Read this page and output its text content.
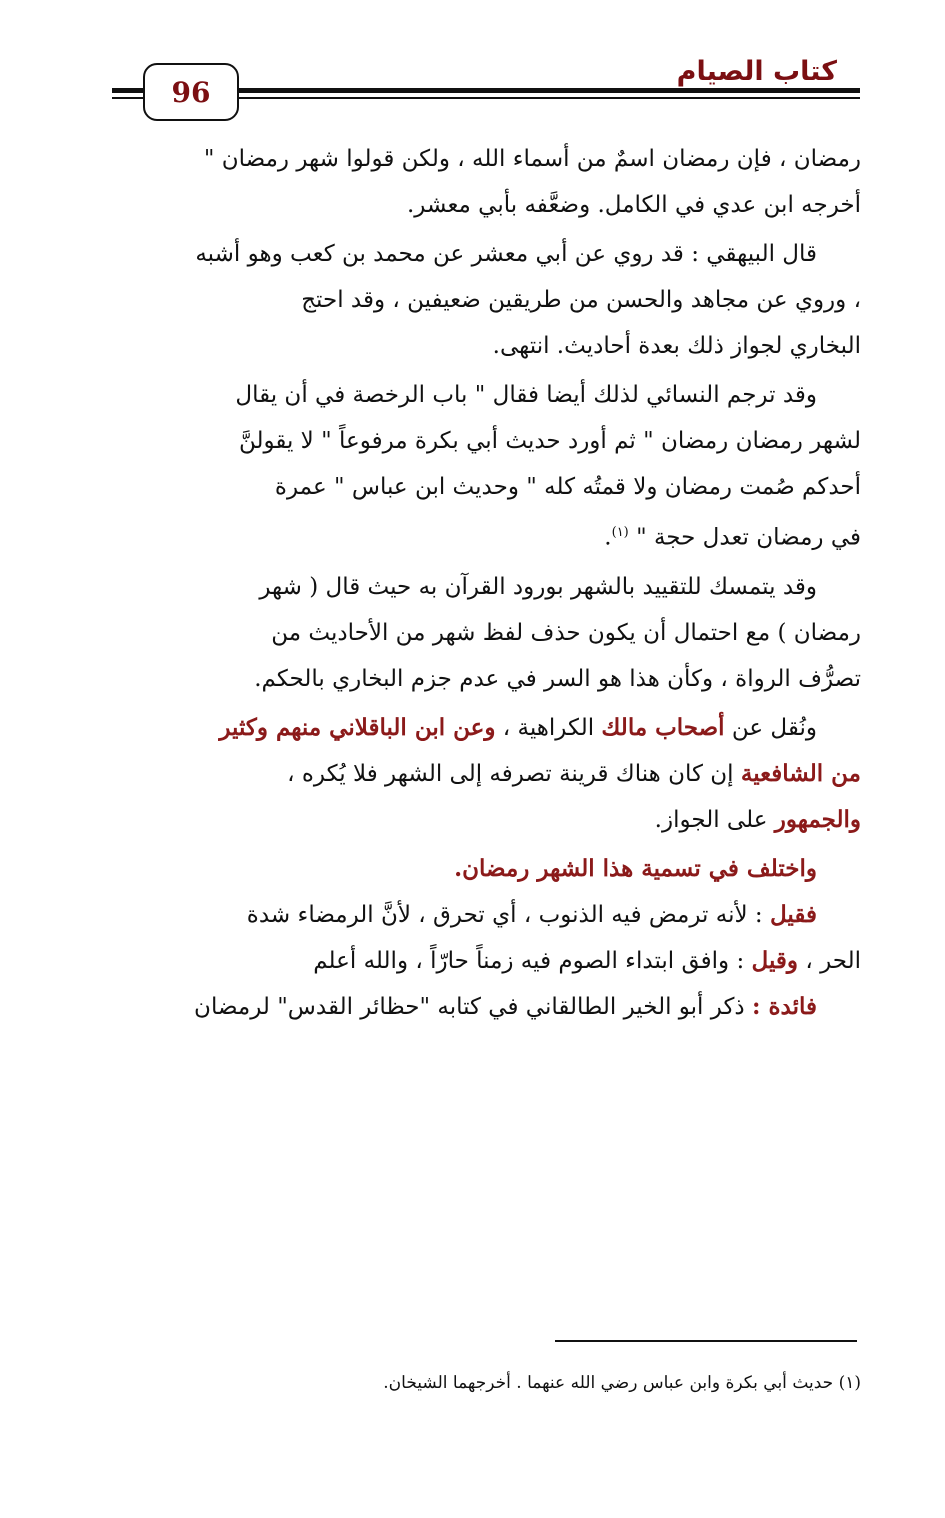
كتاب الصيام
96
رمضان ، فإن رمضان اسمٌ من أسماء الله ، ولكن قولوا شهر رمضان "
أخرجه ابن عدي في الكامل. وضعَّفه بأبي معشر.
قال البيهقي : قد روي عن أبي معشر عن محمد بن كعب وهو أشبه
، وروي عن مجاهد والحسن من طريقين ضعيفين ، وقد احتج
البخاري لجواز ذلك بعدة أحاديث. انتهى.
وقد ترجم النسائي لذلك أيضا فقال " باب الرخصة في أن يقال
لشهر رمضان رمضان " ثم أورد حديث أبي بكرة مرفوعاً " لا يقولنَّ
أحدكم صُمت رمضان ولا قمتُه كله " وحديث ابن عباس " عمرة
في رمضان تعدل حجة " $^{(١)}$.
وقد يتمسك للتقييد بالشهر بورود القرآن به حيث قال ( شهر
رمضان ) مع احتمال أن يكون حذف لفظ شهر من الأحاديث من
تصرُّف الرواة ، وكأن هذا هو السر في عدم جزم البخاري بالحكم.
ونُقل عن أصحاب مالك الكراهية ، وعن ابن الباقلاني منهم وكثير
من الشافعية إن كان هناك قرينة تصرفه إلى الشهر فلا يُكره ،
والجمهور على الجواز.
واختلف في تسمية هذا الشهر رمضان.
فقيل : لأنه ترمض فيه الذنوب ، أي تحرق ، لأنَّ الرمضاء شدة
الحر ، وقيل : وافق ابتداء الصوم فيه زمناً حارّاً ، والله أعلم
فائدة : ذكر أبو الخير الطالقاني في كتابه "حظائر القدس" لرمضان
(١) حديث أبي بكرة وابن عباس رضي الله عنهما . أخرجهما الشيخان.
